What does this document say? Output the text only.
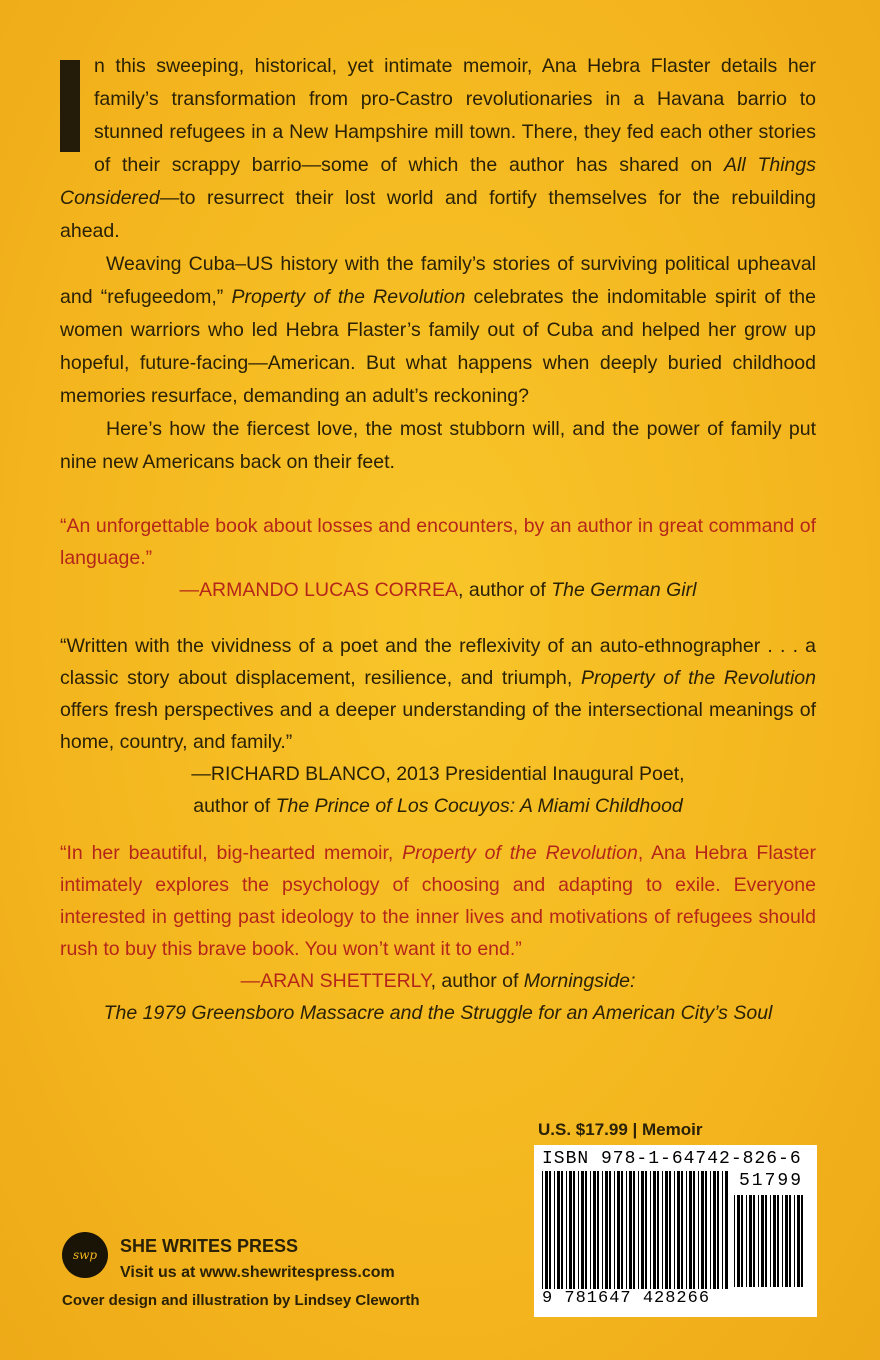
n this sweeping, historical, yet intimate memoir, Ana Hebra Flaster details her family’s transformation from pro-Castro revolutionaries in a Havana barrio to stunned refugees in a New Hampshire mill town. There, they fed each other stories of their scrappy barrio—some of which the author has shared on All Things Considered—to resurrect their lost world and fortify themselves for the rebuilding ahead.

Weaving Cuba–US history with the family’s stories of surviving political upheaval and “refugeedom,” Property of the Revolution celebrates the indomitable spirit of the women warriors who led Hebra Flaster’s family out of Cuba and helped her grow up hopeful, future-facing—American. But what happens when deeply buried childhood memories resurface, demanding an adult’s reckoning?

Here’s how the fiercest love, the most stubborn will, and the power of family put nine new Americans back on their feet.

“An unforgettable book about losses and encounters, by an author in great command of language.”

—ARMANDO LUCAS CORREA, author of The German Girl

“Written with the vividness of a poet and the reflexivity of an auto-ethnographer . . . a classic story about displacement, resilience, and triumph, Property of the Revolution offers fresh perspectives and a deeper understanding of the intersectional meanings of home, country, and family.”

—RICHARD BLANCO, 2013 Presidential Inaugural Poet,

author of The Prince of Los Cocuyos: A Miami Childhood

“In her beautiful, big-hearted memoir, Property of the Revolution, Ana Hebra Flaster intimately explores the psychology of choosing and adapting to exile. Everyone interested in getting past ideology to the inner lives and motivations of refugees should rush to buy this brave book. You won’t want it to end.”

—ARAN SHETTERLY, author of Morningside:

The 1979 Greensboro Massacre and the Struggle for an American City’s Soul

U.S. $17.99 | Memoir
ISBN 978-1-64742-826-6
51799
9 781647 428266
swp	SHE WRITES PRESS
Visit us at www.shewritespress.com
Cover design and illustration by Lindsey Cleworth
